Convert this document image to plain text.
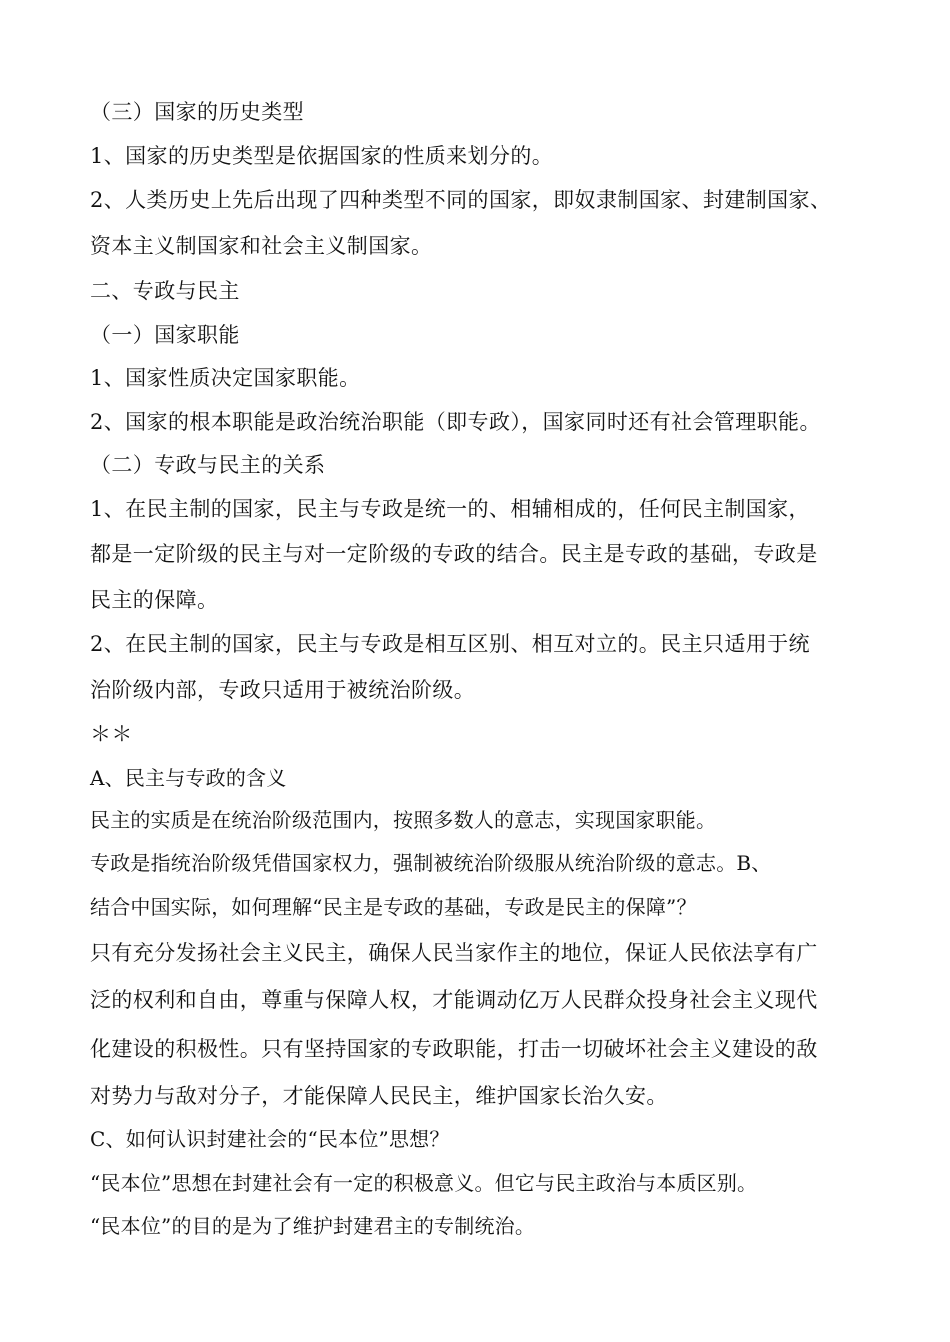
（三）国家的历史类型

1、国家的历史类型是依据国家的性质来划分的。

2、人类历史上先后出现了四种类型不同的国家，即奴隶制国家、封建制国家、

资本主义制国家和社会主义制国家。

二、专政与民主

（一）国家职能

1、国家性质决定国家职能。

2、国家的根本职能是政治统治职能（即专政），国家同时还有社会管理职能。

（二）专政与民主的关系

1、在民主制的国家，民主与专政是统一的、相辅相成的，任何民主制国家，

都是一定阶级的民主与对一定阶级的专政的结合。民主是专政的基础，专政是

民主的保障。

2、在民主制的国家，民主与专政是相互区别、相互对立的。民主只适用于统

治阶级内部，专政只适用于被统治阶级。

＊＊

A、民主与专政的含义

民主的实质是在统治阶级范围内，按照多数人的意志，实现国家职能。

专政是指统治阶级凭借国家权力，强制被统治阶级服从统治阶级的意志。B、

结合中国实际，如何理解“民主是专政的基础，专政是民主的保障”？

只有充分发扬社会主义民主，确保人民当家作主的地位，保证人民依法享有广

泛的权利和自由，尊重与保障人权，才能调动亿万人民群众投身社会主义现代

化建设的积极性。只有坚持国家的专政职能，打击一切破坏社会主义建设的敌

对势力与敌对分子，才能保障人民民主，维护国家长治久安。

C、如何认识封建社会的“民本位”思想？

“民本位”思想在封建社会有一定的积极意义。但它与民主政治与本质区别。

“民本位”的目的是为了维护封建君主的专制统治。
